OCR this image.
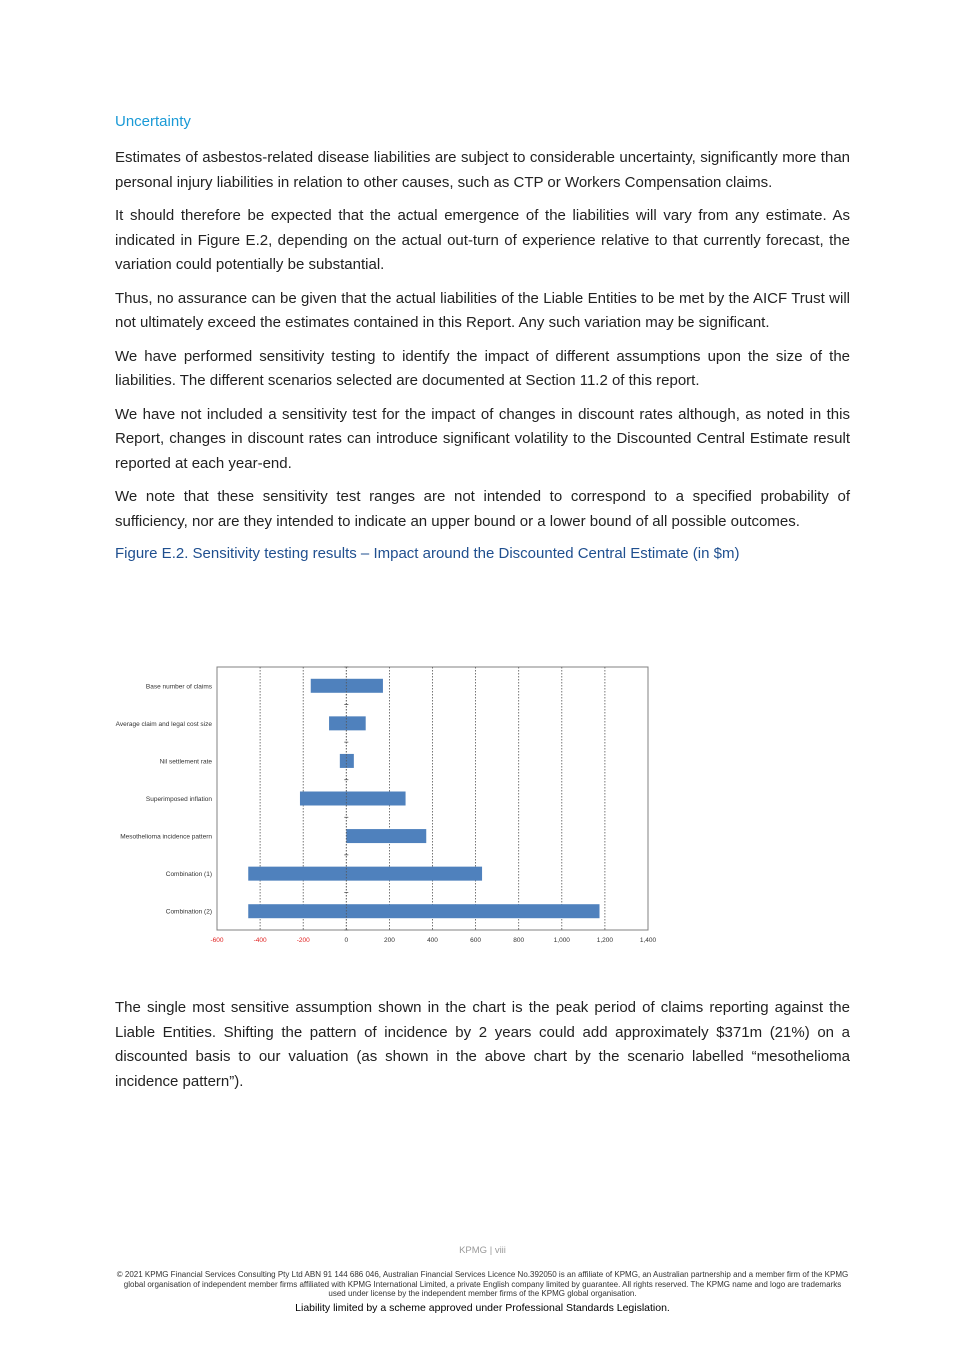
Uncertainty

Estimates of asbestos-related disease liabilities are subject to considerable uncertainty, significantly more than personal injury liabilities in relation to other causes, such as CTP or Workers Compensation claims.

It should therefore be expected that the actual emergence of the liabilities will vary from any estimate. As indicated in Figure E.2, depending on the actual out-turn of experience relative to that currently forecast, the variation could potentially be substantial.

Thus, no assurance can be given that the actual liabilities of the Liable Entities to be met by the AICF Trust will not ultimately exceed the estimates contained in this Report. Any such variation may be significant.

We have performed sensitivity testing to identify the impact of different assumptions upon the size of the liabilities. The different scenarios selected are documented at Section 11.2 of this report.

We have not included a sensitivity test for the impact of changes in discount rates although, as noted in this Report, changes in discount rates can introduce significant volatility to the Discounted Central Estimate result reported at each year-end.

We note that these sensitivity test ranges are not intended to correspond to a specified probability of sufficiency, nor are they intended to indicate an upper bound or a lower bound of all possible outcomes.

Figure E.2. Sensitivity testing results – Impact around the Discounted Central Estimate (in $m)
-600	-400	-200	0	200	400	600	800	1,000	1,200	1,400
Base number of claims
Average claim and legal cost size
Nil settlement rate
Superimposed inflation
Mesothelioma incidence pattern
Combination (1)
Combination (2)

The single most sensitive assumption shown in the chart is the peak period of claims reporting against the Liable Entities. Shifting the pattern of incidence by 2 years could add approximately $371m (21%) on a discounted basis to our valuation (as shown in the above chart by the scenario labelled “mesothelioma incidence pattern”).

KPMG | viii
© 2021 KPMG Financial Services Consulting Pty Ltd ABN 91 144 686 046, Australian Financial Services Licence No.392050 is an affiliate of KPMG, an Australian partnership and a member firm of the KPMG global organisation of independent member firms affiliated with KPMG International Limited, a private English company limited by guarantee. All rights reserved. The KPMG name and logo are trademarks used under license by the independent member firms of the KPMG global organisation.
Liability limited by a scheme approved under Professional Standards Legislation.
